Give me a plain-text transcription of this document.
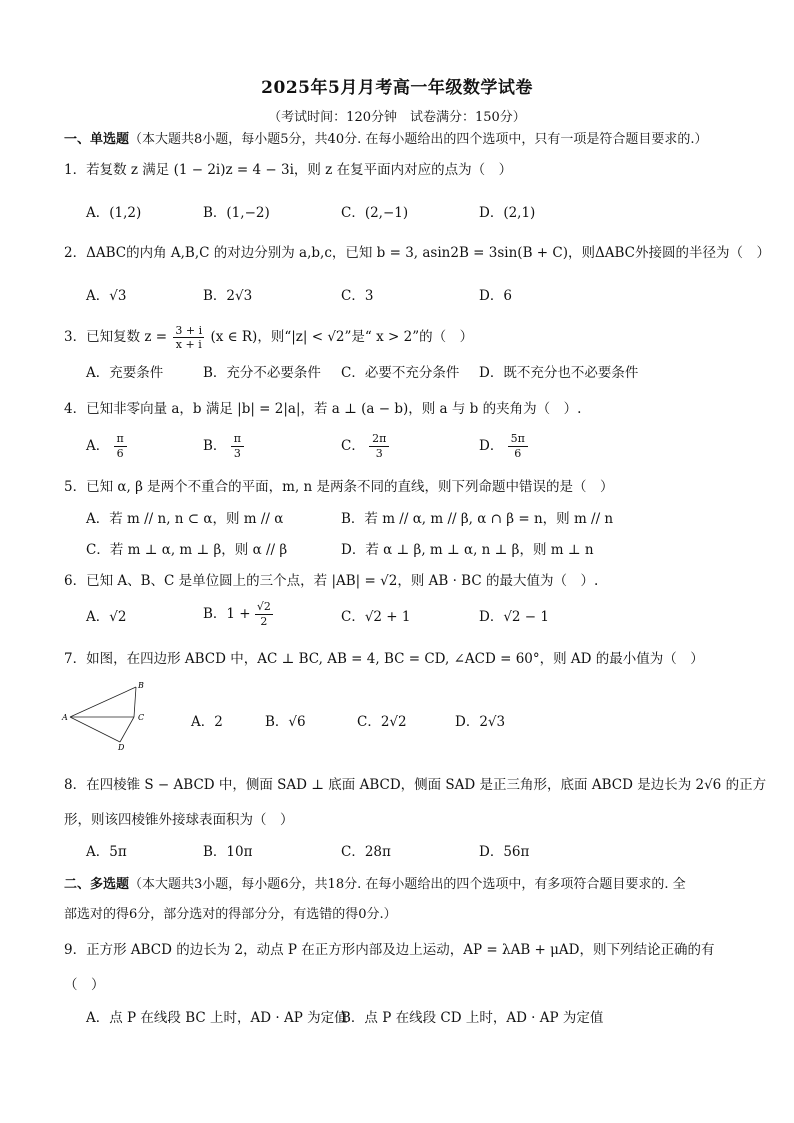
2025年5月月考高一年级数学试卷
（考试时间：120分钟　试卷满分：150分）
一、单选题（本大题共8小题，每小题5分，共40分. 在每小题给出的四个选项中，只有一项是符合题目要求的.）
1．若复数 z 满足 (1 − 2i)z = 4 − 3i，则 z 在复平面内对应的点为（　）
A．(1,2)	B．(1,−2)	C．(2,−1)	D．(2,1)
2．ΔABC的内角 A,B,C 的对边分别为 a,b,c，已知 b = 3, asin2B = 3sin(B + C)，则ΔABC外接圆的半径为（　）
A．√3	B．2√3	C．3	D．6
3．已知复数 $z = \frac{3 + i}{x + i} (x$ ∈ R)，则“|z| < √2”是“ x > 2”的（　）
A．充要条件	B．充分不必要条件 C．必要不充分条件 D．既不充分也不必要条件
4．已知非零向量 a，b 满足 |b| = 2|a|，若 a ⊥ (a − b)，则 a 与 b 的夹角为（　）.
A． $\frac{\pi}{6}$	B． $\frac{\pi}{3}$	C． $\frac{2\pi}{3}$	D． $\frac{5\pi}{6}$
5．已知 α, β 是两个不重合的平面，m, n 是两条不同的直线，则下列命题中错误的是（　）
A．若 m // n, n ⊂ α，则 m // α	B．若 m // α, m // β, α ∩ β = n，则 m // n
C．若 m ⊥ α, m ⊥ β，则 α // β	D．若 α ⊥ β, m ⊥ α, n ⊥ β，则 m ⊥ n
6．已知 A、B、C 是单位圆上的三个点，若 |AB| = √2，则 AB · BC 的最大值为（　）.
A．√2	B．$1 + \frac{√2}{2}$	C．√2 + 1	D．√2 − 1
7．如图，在四边形 ABCD 中，AC ⊥ BC, AB = 4, BC = CD, ∠ACD = 60°，则 AD 的最小值为（　）
A
B
C
D
A．2	B．√6	C．2√2	D．2√3
8．在四棱锥 S − ABCD 中，侧面 SAD ⊥ 底面 ABCD，侧面 SAD 是正三角形，底面 ABCD 是边长为 2√6 的正方
形，则该四棱锥外接球表面积为（　）
A．5π	B．10π	C．28π	D．56π
二、多选题（本大题共3小题，每小题6分，共18分. 在每小题给出的四个选项中，有多项符合题目要求的. 全
部选对的得6分，部分选对的得部分分，有选错的得0分.）
9．正方形 ABCD 的边长为 2，动点 P 在正方形内部及边上运动，AP = λAB + μAD，则下列结论正确的有
（　）
A．点 P 在线段 BC 上时，AD · AP 为定值
B．点 P 在线段 CD 上时，AD · AP 为定值
